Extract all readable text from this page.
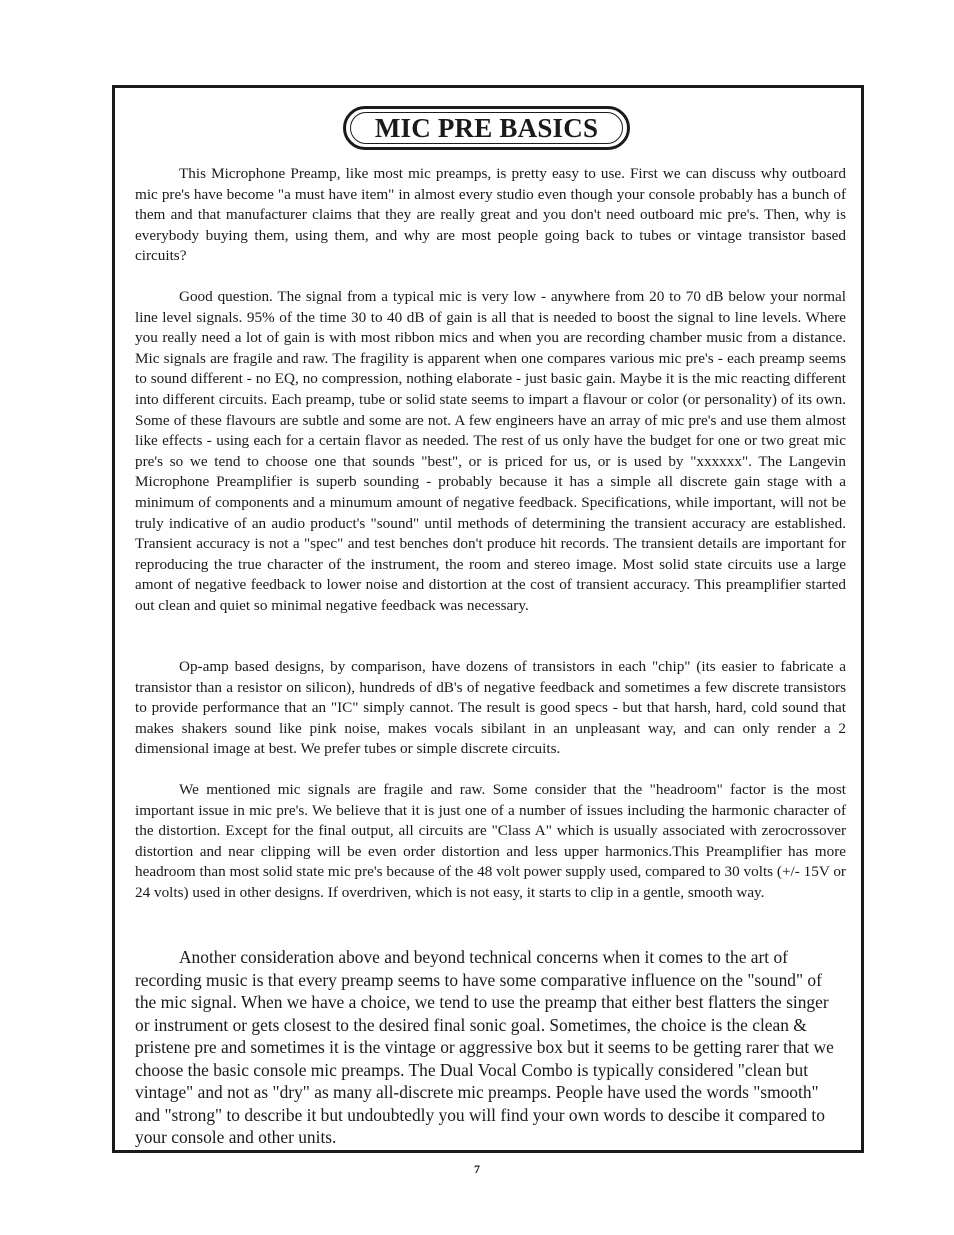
MIC PRE BASICS

This Microphone Preamp, like most mic preamps, is pretty easy to use. First we can discuss why outboard mic pre's have become "a must have item" in almost every studio even though your console probably has a bunch of them and that manufacturer claims that they are really great and you don't need outboard mic pre's. Then, why is everybody buying them, using them, and why are most people going back to tubes or vintage transistor based circuits?

Good question. The signal from a typical mic is very low - anywhere from 20 to 70 dB below your normal line level signals. 95% of the time 30 to 40 dB of gain is all that is needed to boost the signal to line levels. Where you really need a lot of gain is with most ribbon mics and when you are recording chamber music from a distance. Mic signals are fragile and raw. The fragility is apparent when one compares various mic pre's - each preamp seems to sound different - no EQ, no compression, nothing elaborate - just basic gain. Maybe it is the mic reacting different into different circuits. Each preamp, tube or solid state seems to impart a flavour or color (or personality) of its own. Some of these flavours are subtle and some are not. A few engineers have an array of mic pre's and use them almost like effects - using each for a certain flavor as needed. The rest of us only have the budget for one or two great mic pre's so we tend to choose one that sounds "best", or is priced for us, or is used by "xxxxxx". The Langevin Microphone Preamplifier is superb sounding - probably because it has a simple all discrete gain stage with a minimum of components and a minumum amount of negative feedback. Specifications, while important, will not be truly indicative of an audio product's "sound" until methods of determining the transient accuracy are established. Transient accuracy is not a "spec" and test benches don't produce hit records. The transient details are important for reproducing the true character of the instrument, the room and stereo image. Most solid state circuits use a large amont of negative feedback to lower noise and distortion at the cost of transient accuracy. This preamplifier started out clean and quiet so minimal negative feedback was necessary.

Op-amp based designs, by comparison, have dozens of transistors in each "chip" (its easier to fabricate a transistor than a resistor on silicon), hundreds of dB's of negative feedback and sometimes a few discrete transistors to provide performance that an "IC" simply cannot. The result is good specs - but that harsh, hard, cold sound that makes shakers sound like pink noise, makes vocals sibilant in an unpleasant way, and can only render a 2 dimensional image at best. We prefer tubes or simple discrete circuits.

We mentioned mic signals are fragile and raw. Some consider that the "headroom" factor is the most important issue in mic pre's. We believe that it is just one of a number of issues including the harmonic character of the distortion. Except for the final output, all circuits are "Class A" which is usually associated with zerocrossover distortion and near clipping will be even order distortion and less upper harmonics.This Preamplifier has more headroom than most solid state mic pre's because of the 48 volt power supply used, compared to 30 volts (+/- 15V or 24 volts) used in other designs. If overdriven, which is not easy, it starts to clip in a gentle, smooth way.

Another consideration above and beyond technical concerns when it comes to the art of recording music is that every preamp seems to have some comparative influence on the "sound" of the mic signal. When we have a choice, we tend to use the preamp that either best flatters the singer or instrument or gets closest to the desired final sonic goal. Sometimes, the choice is the clean & pristene pre and sometimes it is the vintage or aggressive box but it seems to be getting rarer that we choose the basic console mic preamps. The Dual Vocal Combo is typically considered "clean but vintage" and not as "dry" as many all-discrete mic preamps. People have used the words "smooth" and "strong" to describe it but undoubtedly you will find your own words to descibe it compared to your console and other units.

7
